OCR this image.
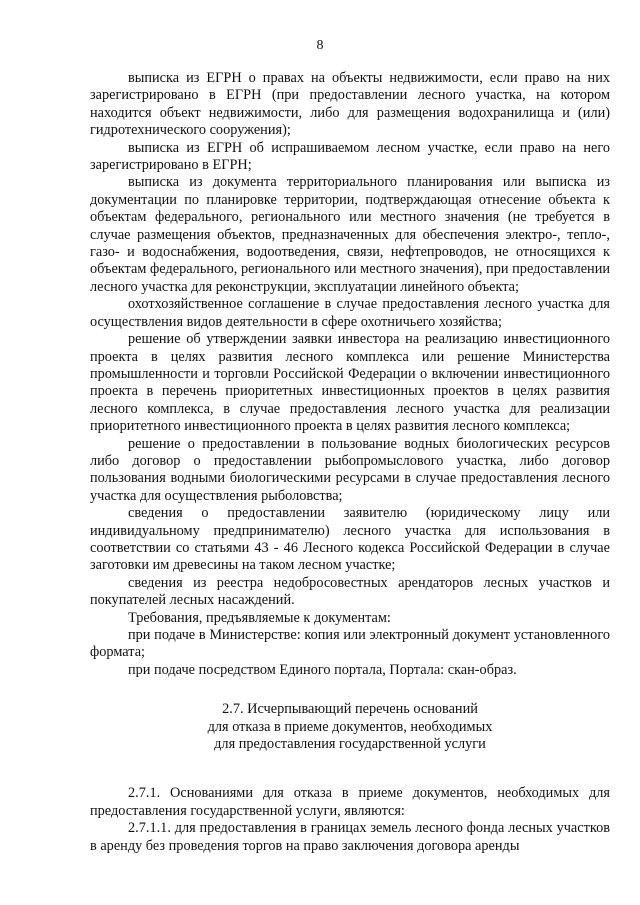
8

выписка из ЕГРН о правах на объекты недвижимости, если право на них зарегистрировано в ЕГРН (при предоставлении лесного участка, на котором находится объект недвижимости, либо для размещения водохранилища и (или) гидротехнического сооружения);

выписка из ЕГРН об испрашиваемом лесном участке, если право на него зарегистрировано в ЕГРН;

выписка из документа территориального планирования или выписка из документации по планировке территории, подтверждающая отнесение объекта к объектам федерального, регионального или местного значения (не требуется в случае размещения объектов, предназначенных для обеспечения электро-, тепло-, газо- и водоснабжения, водоотведения, связи, нефтепроводов, не относящихся к объектам федерального, регионального или местного значения), при предоставлении лесного участка для реконструкции, эксплуатации линейного объекта;

охотхозяйственное соглашение в случае предоставления лесного участка для осуществления видов деятельности в сфере охотничьего хозяйства;

решение об утверждении заявки инвестора на реализацию инвестиционного проекта в целях развития лесного комплекса или решение Министерства промышленности и торговли Российской Федерации о включении инвестиционного проекта в перечень приоритетных инвестиционных проектов в целях развития лесного комплекса, в случае предоставления лесного участка для реализации приоритетного инвестиционного проекта в целях развития лесного комплекса;

решение о предоставлении в пользование водных биологических ресурсов либо договор о предоставлении рыбопромыслового участка, либо договор пользования водными биологическими ресурсами в случае предоставления лесного участка для осуществления рыболовства;

сведения о предоставлении заявителю (юридическому лицу или индивидуальному предпринимателю) лесного участка для использования в соответствии со статьями 43 - 46 Лесного кодекса Российской Федерации в случае заготовки им древесины на таком лесном участке;

сведения из реестра недобросовестных арендаторов лесных участков и покупателей лесных насаждений.

Требования, предъявляемые к документам:

при подаче в Министерстве: копия или электронный документ установленного формата;

при подаче посредством Единого портала, Портала: скан-образ.

2.7. Исчерпывающий перечень оснований
для отказа в приеме документов, необходимых
для предоставления государственной услуги

2.7.1. Основаниями для отказа в приеме документов, необходимых для предоставления государственной услуги, являются:

2.7.1.1. для предоставления в границах земель лесного фонда лесных участков в аренду без проведения торгов на право заключения договора аренды
